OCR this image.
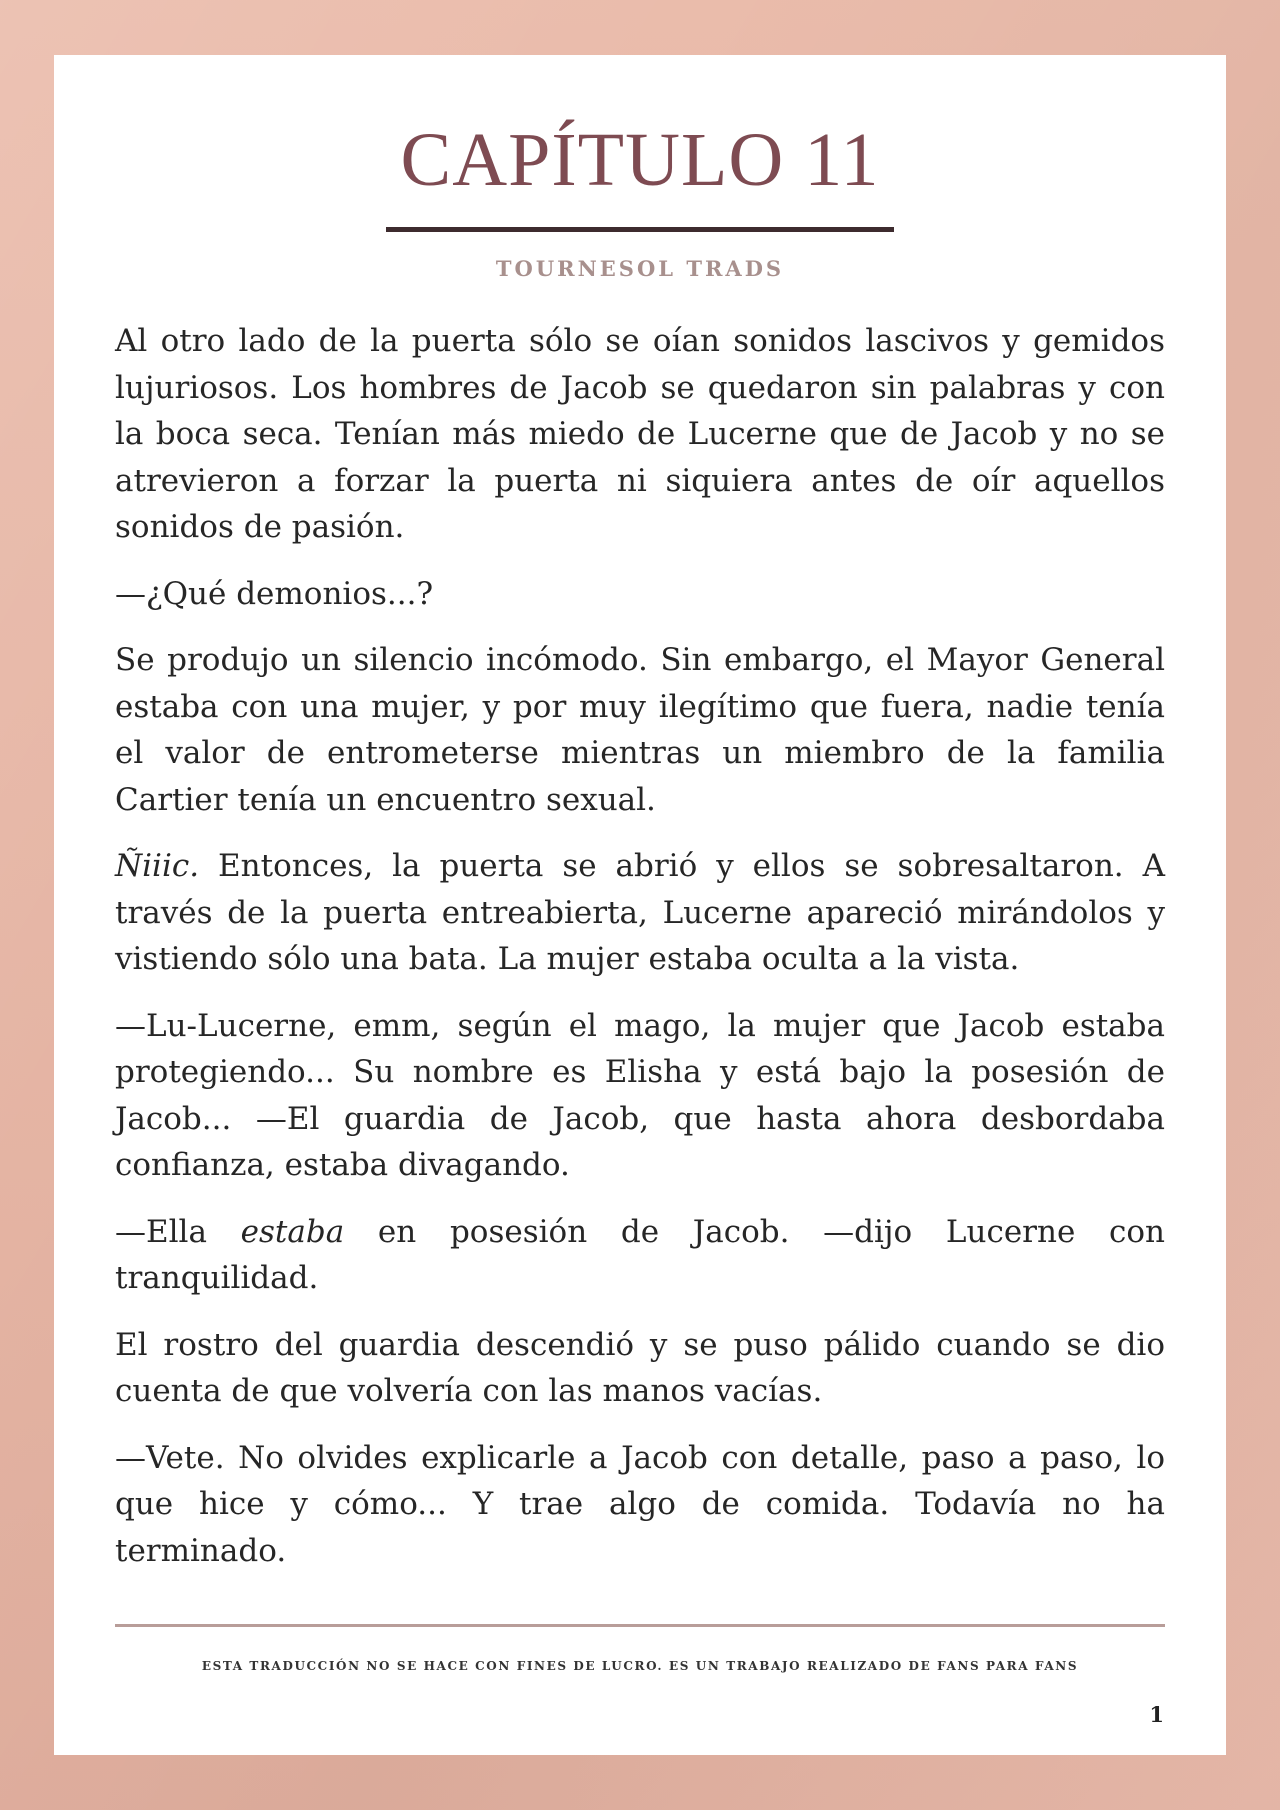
CAPÍTULO 11
TOURNESOL TRADS

Al otro lado de la puerta sólo se oían sonidos lascivos y gemidos lujuriosos. Los hombres de Jacob se quedaron sin palabras y con la boca seca. Tenían más miedo de Lucerne que de Jacob y no se atrevieron a forzar la puerta ni siquiera antes de oír aquellos sonidos de pasión.

—¿Qué demonios...?

Se produjo un silencio incómodo. Sin embargo, el Mayor General estaba con una mujer, y por muy ilegítimo que fuera, nadie tenía el valor de entrometerse mientras un miembro de la familia Cartier tenía un encuentro sexual.

Ñiiic. Entonces, la puerta se abrió y ellos se sobresaltaron. A través de la puerta entreabierta, Lucerne apareció mirándolos y vistiendo sólo una bata. La mujer estaba oculta a la vista.

—Lu-Lucerne, emm, según el mago, la mujer que Jacob estaba protegiendo... Su nombre es Elisha y está bajo la posesión de Jacob... —El guardia de Jacob, que hasta ahora desbordaba confianza, estaba divagando.

—Ella estaba en posesión de Jacob. —dijo Lucerne con tranquilidad.

El rostro del guardia descendió y se puso pálido cuando se dio cuenta de que volvería con las manos vacías.

—Vete. No olvides explicarle a Jacob con detalle, paso a paso, lo que hice y cómo... Y trae algo de comida. Todavía no ha terminado.

ESTA TRADUCCIÓN NO SE HACE CON FINES DE LUCRO. ES UN TRABAJO REALIZADO DE FANS PARA FANS
1
